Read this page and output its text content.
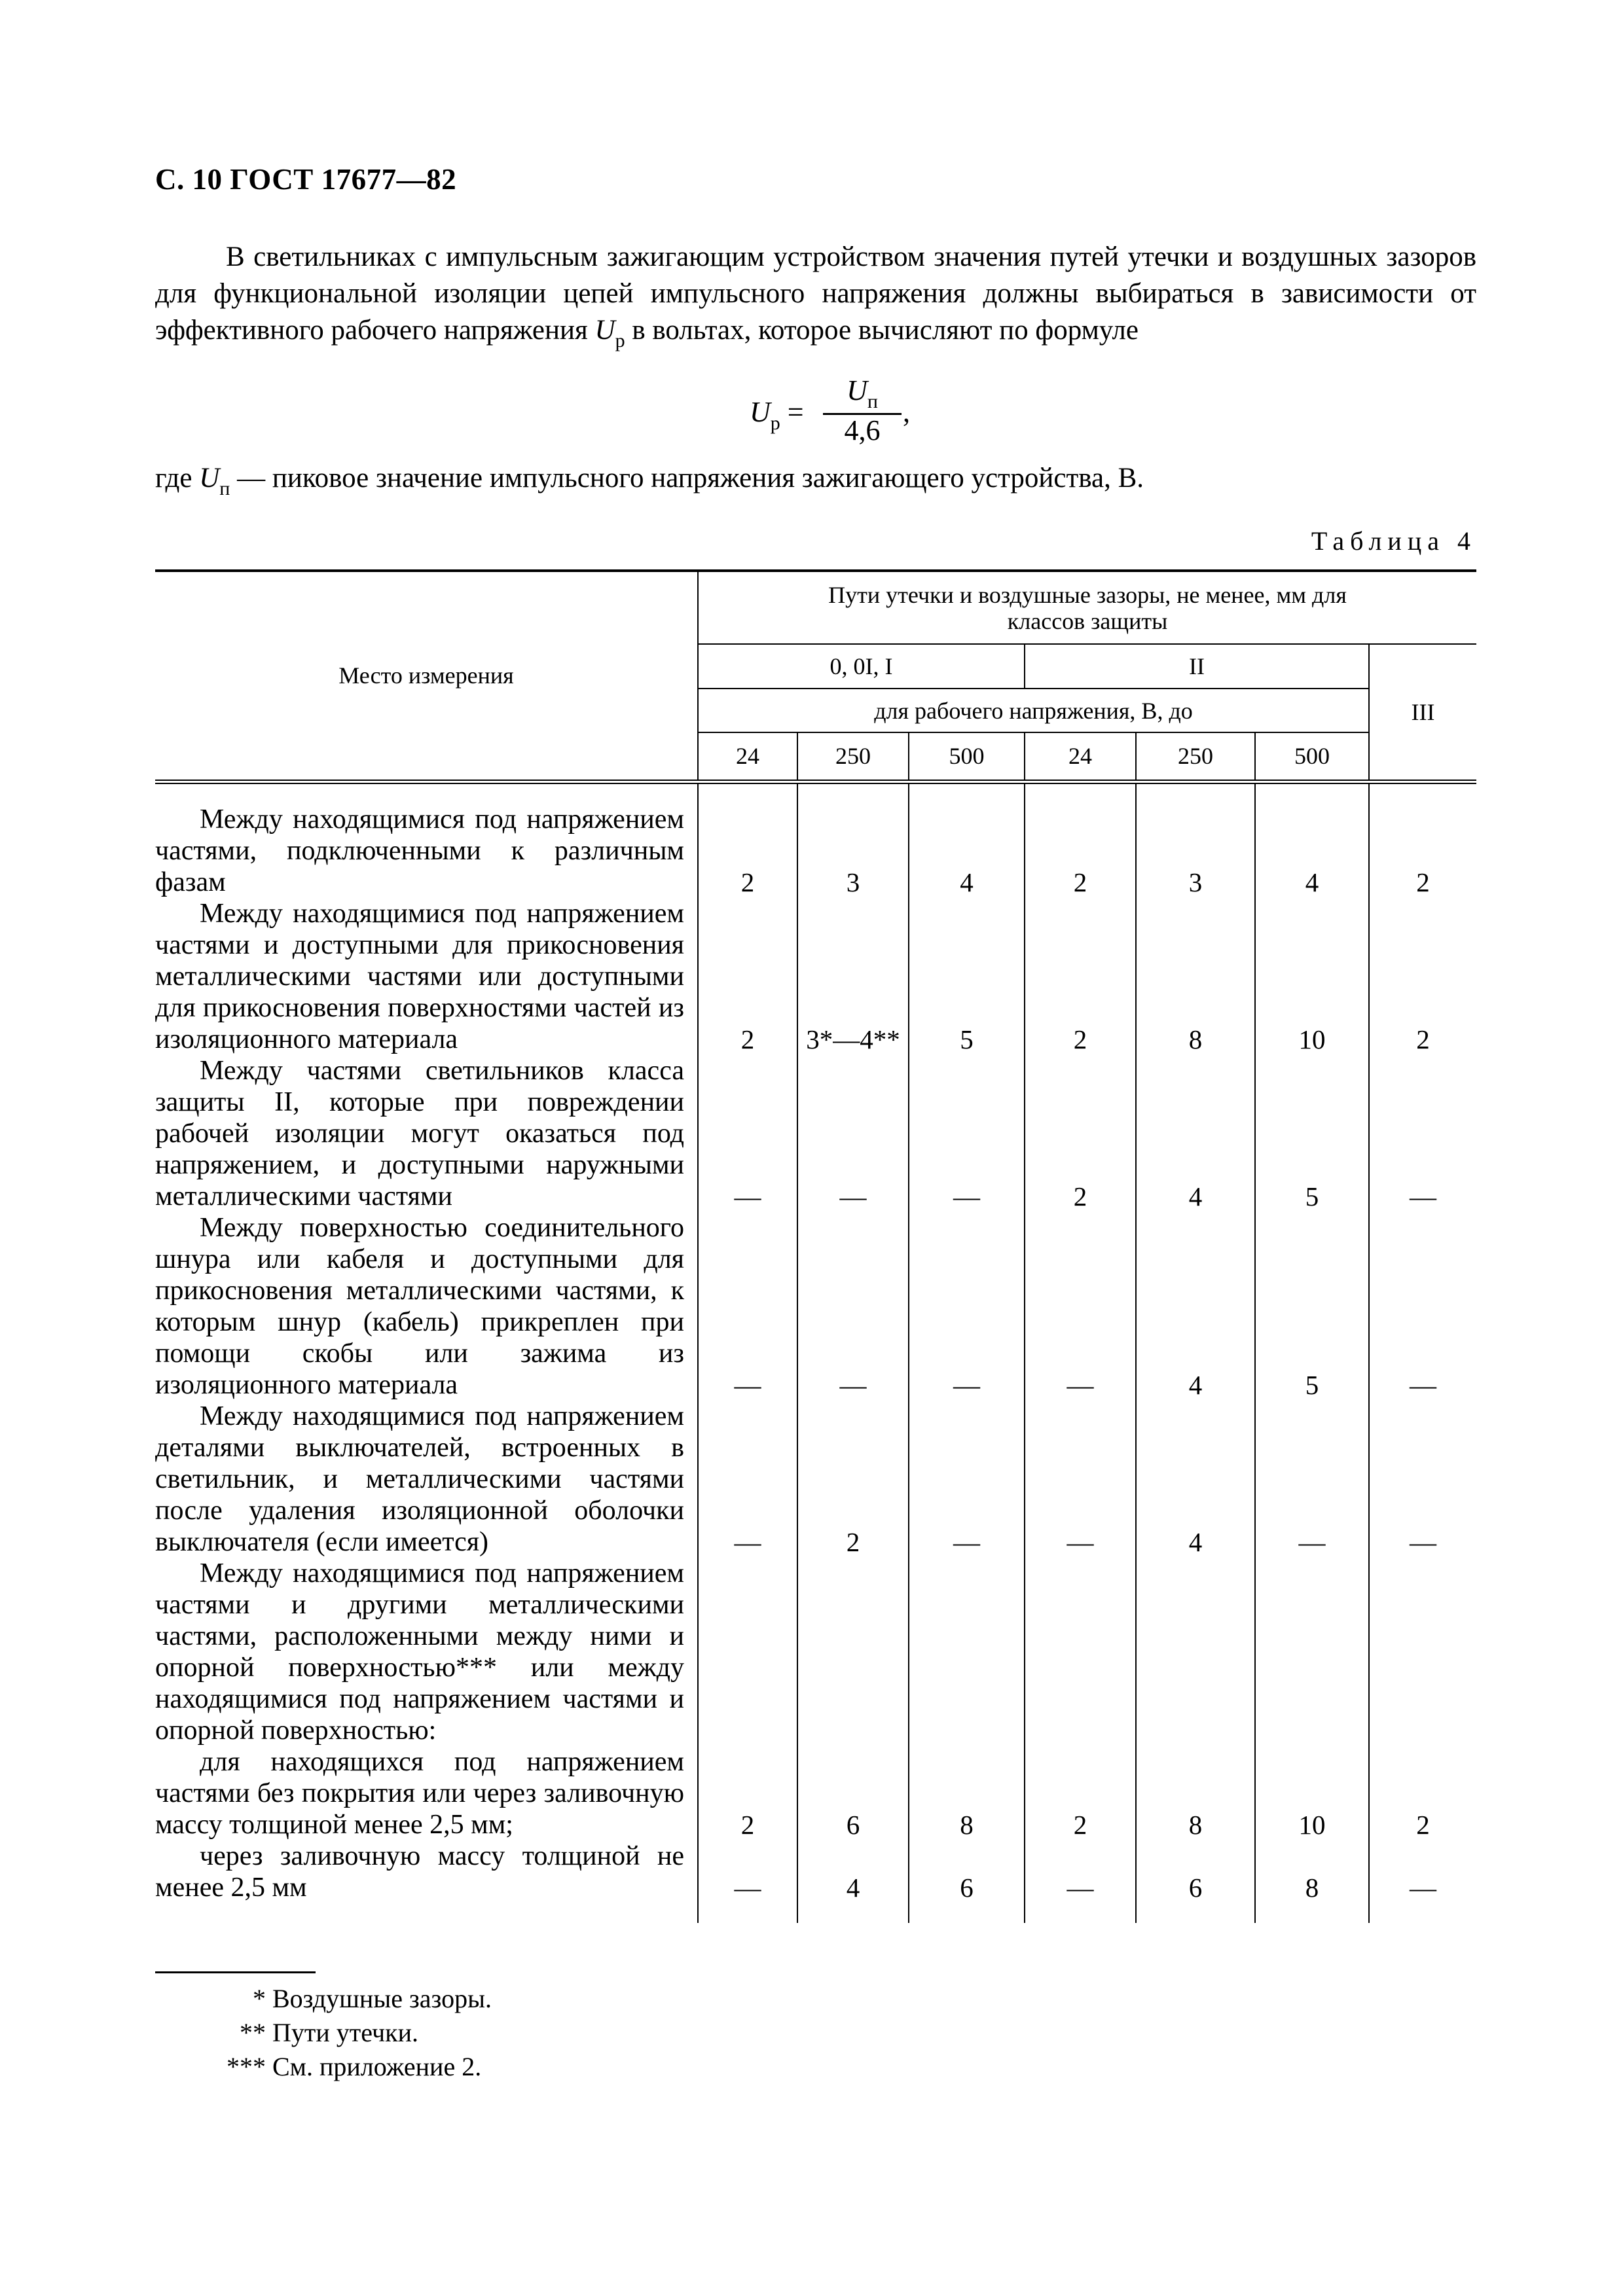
С. 10 ГОСТ 17677—82

В светильниках с импульсным зажигающим устройством значения путей утечки и воздушных зазоров для функциональной изоляции цепей импульсного напряжения должны выбираться в зависимости от эффективного рабочего напряжения $U_р$ в вольтах, которое вычисляют по формуле

$U_р$ =
$U_п$
4,6
,
где $U_п$ — пиковое значение импульсного напряжения зажигающего устройства, В.
Таблица 4
Место измерения	Пути утечки и воздушные зазоры, не менее, мм для классов защиты						
	0, 0I, I			II			III
	для рабочего напряжения, В, до						
	24	250	500	24	250	500	

Между находящимися под напряжением частями, подключенными к различным фазам	2	3	4	2	3	4	2

Между находящимися под напряжением частями и доступными для прикосновения металлическими частями или доступными для прикосновения поверхностями частей из изоляционного материала	2	3*—4**	5	2	8	10	2

Между частями светильников класса защиты II, которые при повреждении рабочей изоляции могут оказаться под напряжением, и доступными наружными металлическими частями	—	—	—	2	4	5	—

Между поверхностью соединительного шнура или кабеля и доступными для прикосновения металлическими частями, к которым шнур (кабель) прикреплен при помощи скобы или зажима из изоляционного материала	—	—	—	—	4	5	—

Между находящимися под напряжением деталями выключателей, встроенных в светильник, и металлическими частями после удаления изоляционной оболочки выключателя (если имеется)	—	2	—	—	4	—	—

Между находящимися под напряжением частями и другими металлическими частями, расположенными между ними и опорной поверхностью*** или между находящимися под напряжением частями и опорной поверхностью:							

для находящихся под напряжением частями без покрытия или через заливочную массу толщиной менее 2,5 мм;	2	6	8	2	8	10	2

через заливочную массу толщиной не менее 2,5 мм	—	4	6	—	6	8	—
* Воздушные зазоры.
** Пути утечки.
*** См. приложение 2.
